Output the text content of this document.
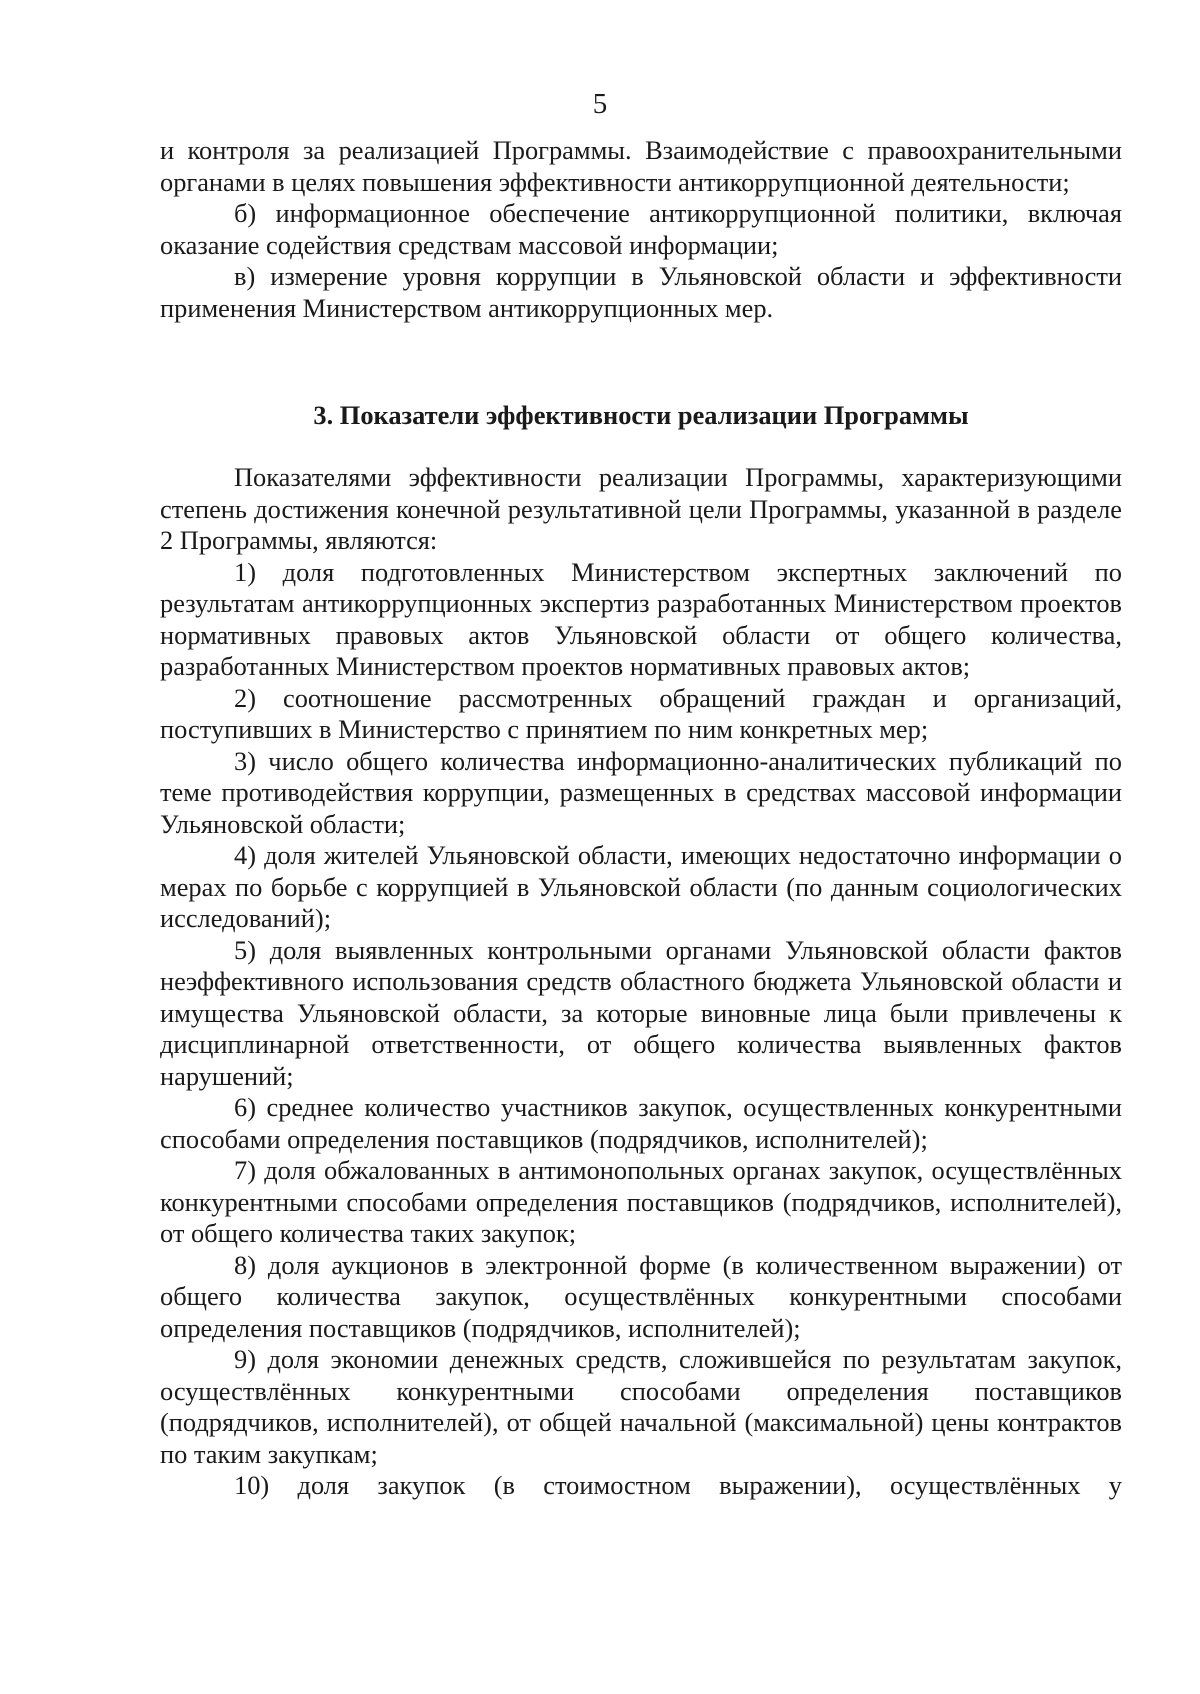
5

и контроля за реализацией Программы. Взаимодействие с правоохранительными органами в целях повышения эффективности антикоррупционной деятельности;

б) информационное обеспечение антикоррупционной политики, включая оказание содействия средствам массовой информации;

в) измерение уровня коррупции в Ульяновской области и эффективности применения Министерством антикоррупционных мер.

3. Показатели эффективности реализации Программы

Показателями эффективности реализации Программы, характеризующими степень достижения конечной результативной цели Программы, указанной в разделе 2 Программы, являются:

1) доля подготовленных Министерством экспертных заключений по результатам антикоррупционных экспертиз разработанных Министерством проектов нормативных правовых актов Ульяновской области от общего количества, разработанных Министерством проектов нормативных правовых актов;

2) соотношение рассмотренных обращений граждан и организаций, поступивших в Министерство с принятием по ним конкретных мер;

3) число общего количества информационно-аналитических публикаций по теме противодействия коррупции, размещенных в средствах массовой информации Ульяновской области;

4) доля жителей Ульяновской области, имеющих недостаточно информации о мерах по борьбе с коррупцией в Ульяновской области (по данным социологических исследований);

5) доля выявленных контрольными органами Ульяновской области фактов неэффективного использования средств областного бюджета Ульяновской области и имущества Ульяновской области, за которые виновные лица были привлечены к дисциплинарной ответственности, от общего количества выявленных фактов нарушений;

6) среднее количество участников закупок, осуществленных конкурентными способами определения поставщиков (подрядчиков, исполнителей);

7) доля обжалованных в антимонопольных органах закупок, осуществлённых конкурентными способами определения поставщиков (подрядчиков, исполнителей), от общего количества таких закупок;

8) доля аукционов в электронной форме (в количественном выражении) от общего количества закупок, осуществлённых конкурентными способами определения поставщиков (подрядчиков, исполнителей);

9) доля экономии денежных средств, сложившейся по результатам закупок, осуществлённых конкурентными способами определения поставщиков (подрядчиков, исполнителей), от общей начальной (максимальной) цены контрактов по таким закупкам;

10) доля закупок (в стоимостном выражении), осуществлённых у
